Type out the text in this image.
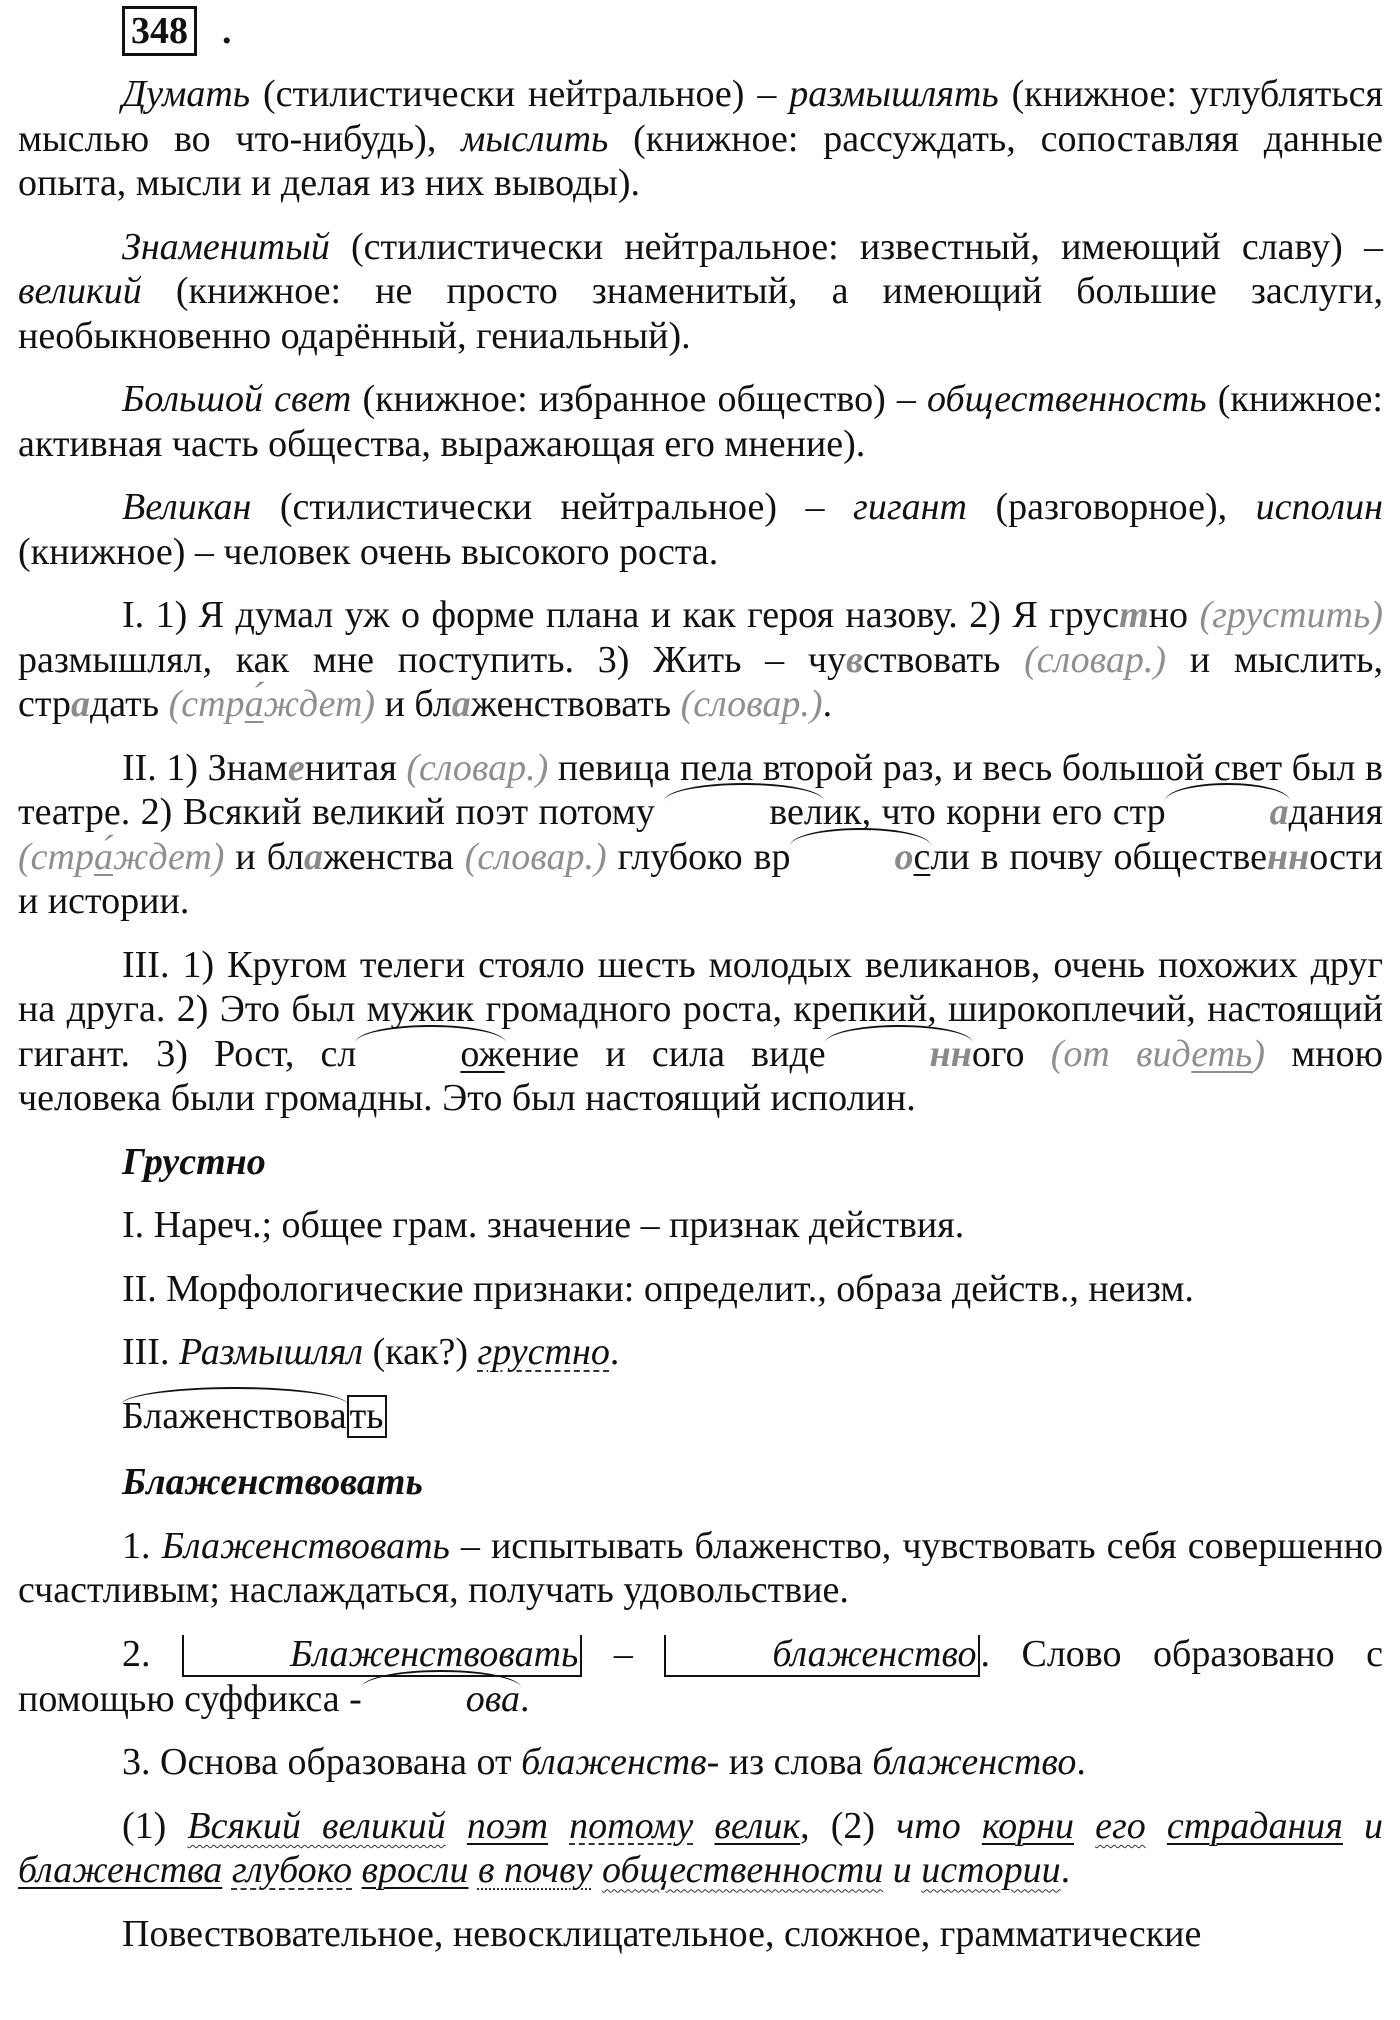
348 .

Думать (стилистически нейтральное) – размышлять (книжное: углубляться мыслью во что-нибудь), мыслить (книжное: рассуждать, сопоставляя данные опыта, мысли и делая из них выводы).

Знаменитый (стилистически нейтральное: известный, имеющий славу) – великий (книжное: не просто знаменитый, а имеющий большие заслуги, необыкновенно одарённый, гениальный).

Большой свет (книжное: избранное общество) – общественность (книжное: активная часть общества, выражающая его мнение).

Великан (стилистически нейтральное) – гигант (разговорное), исполин (книжное) – человек очень высокого роста.

I. 1) Я думал уж о форме плана и как героя назову. 2) Я грустно (грустить) размышлял, как мне поступить. 3) Жить – чувствовать (словар.) и мыслить, страдать (стра́ждет) и блаженствовать (словар.).

II. 1) Знаменитая (словар.) певица пела второй раз, и весь большой свет был в театре. 2) Всякий великий поэт потому	велик, что корни его стр	адания (стра́ждет) и блаженства (словар.) глубоко вр	осли в почву общественности и истории.

III. 1) Кругом телеги стояло шесть молодых великанов, очень похожих друг на друга. 2) Это был мужик громадного роста, крепкий, широкоплечий, настоящий гигант. 3) Рост, сл	ожение и сила виде	нного (от видеть) мною человека были громадны. Это был настоящий исполин.

Грустно

I. Нареч.; общее грам. значение – признак действия.

II. Морфологические признаки: определит., образа действ., неизм.

III. Размышлял (как?) грустно.

Блаженствовать

Блаженствовать

1. Блаженствовать – испытывать блаженство, чувствовать себя совершенно счастливым; наслаждаться, получать удовольствие.

2.	Блаженствовать –	блаженство . Слово образовано с помощью суффикса -	ова.

3. Основа образована от блаженств- из слова блаженство.

(1) Всякий великий поэт потому велик, (2) что корни его страдания и блаженства глубоко вросли в почву общественности и истории.

Повествовательное, невосклицательное, сложное, грамматические
